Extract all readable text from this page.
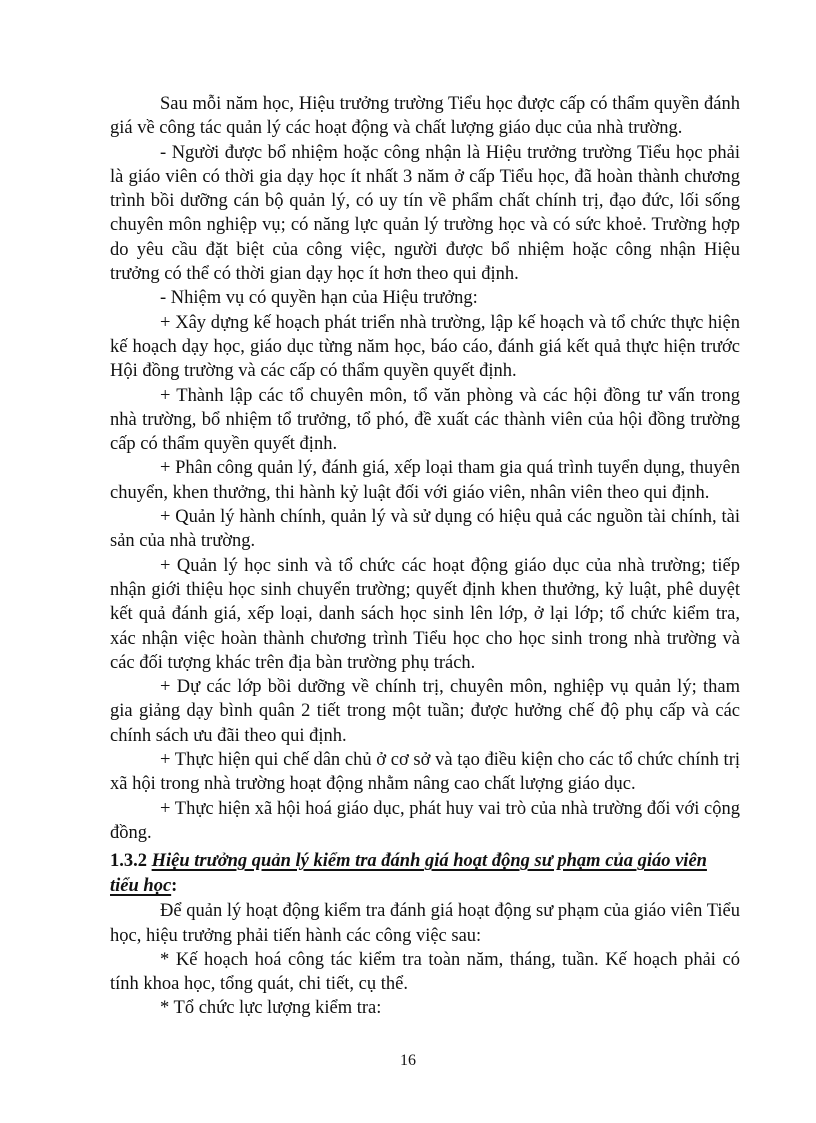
Sau mỗi năm học, Hiệu trưởng trường Tiểu học được cấp có thẩm quyền đánh giá về công tác quản lý các hoạt động và chất lượng giáo dục của nhà trường.

- Người được bổ nhiệm hoặc công nhận là Hiệu trưởng trường Tiểu học phải là giáo viên có thời gia dạy học ít nhất 3 năm ở cấp Tiểu học, đã hoàn thành chương trình bồi dưỡng cán bộ quản lý, có uy tín về phẩm chất chính trị, đạo đức, lối sống chuyên môn nghiệp vụ; có năng lực quản lý trường học và có sức khoẻ. Trường hợp do yêu cầu đặt biệt của công việc, người được bổ nhiệm hoặc công nhận Hiệu trưởng có thể có thời gian dạy học ít hơn theo qui định.

- Nhiệm vụ có quyền hạn của Hiệu trưởng:

+ Xây dựng kế hoạch phát triển nhà trường, lập kế hoạch và tổ chức thực hiện kế hoạch dạy học, giáo dục từng năm học, báo cáo, đánh giá kết quả thực hiện trước Hội đồng trường và các cấp có thẩm quyền quyết định.

+ Thành lập các tổ chuyên môn, tổ văn phòng và các hội đồng tư vấn trong nhà trường, bổ nhiệm tổ trưởng, tổ phó, đề xuất các thành viên của hội đồng trường cấp có thẩm quyền quyết định.

+ Phân công quản lý, đánh giá, xếp loại tham gia quá trình tuyển dụng, thuyên chuyển, khen thưởng, thi hành kỷ luật đối với giáo viên, nhân viên theo qui định.

+ Quản lý hành chính, quản lý và sử dụng có hiệu quả các nguồn tài chính, tài sản của nhà trường.

+ Quản lý học sinh và tổ chức các hoạt động giáo dục của nhà trường; tiếp nhận giới thiệu học sinh chuyển trường; quyết định khen thưởng, kỷ luật, phê duyệt kết quả đánh giá, xếp loại, danh sách học sinh lên lớp, ở lại lớp; tổ chức kiểm tra, xác nhận việc hoàn thành chương trình Tiểu học cho học sinh trong nhà trường và các đối tượng khác trên địa bàn trường phụ trách.

+ Dự các lớp bồi dưỡng về chính trị, chuyên môn, nghiệp vụ quản lý; tham gia giảng dạy bình quân 2 tiết trong một tuần; được hưởng chế độ phụ cấp và các chính sách ưu đãi theo qui định.

+ Thực hiện qui chế dân chủ ở cơ sở và tạo điều kiện cho các tổ chức chính trị xã hội trong nhà trường hoạt động nhằm nâng cao chất lượng giáo dục.

+ Thực hiện xã hội hoá giáo dục, phát huy vai trò của nhà trường đối với cộng đồng.

1.3.2 Hiệu trưởng quản lý kiểm tra đánh giá hoạt động sư phạm của giáo viên tiểu học:

Để quản lý hoạt động kiểm tra đánh giá hoạt động sư phạm của giáo viên Tiểu học, hiệu trưởng phải tiến hành các công việc sau:

* Kế hoạch hoá công tác kiểm tra toàn năm, tháng, tuần. Kế hoạch phải có tính khoa học, tổng quát, chi tiết, cụ thể.

* Tổ chức lực lượng kiểm tra:

16
